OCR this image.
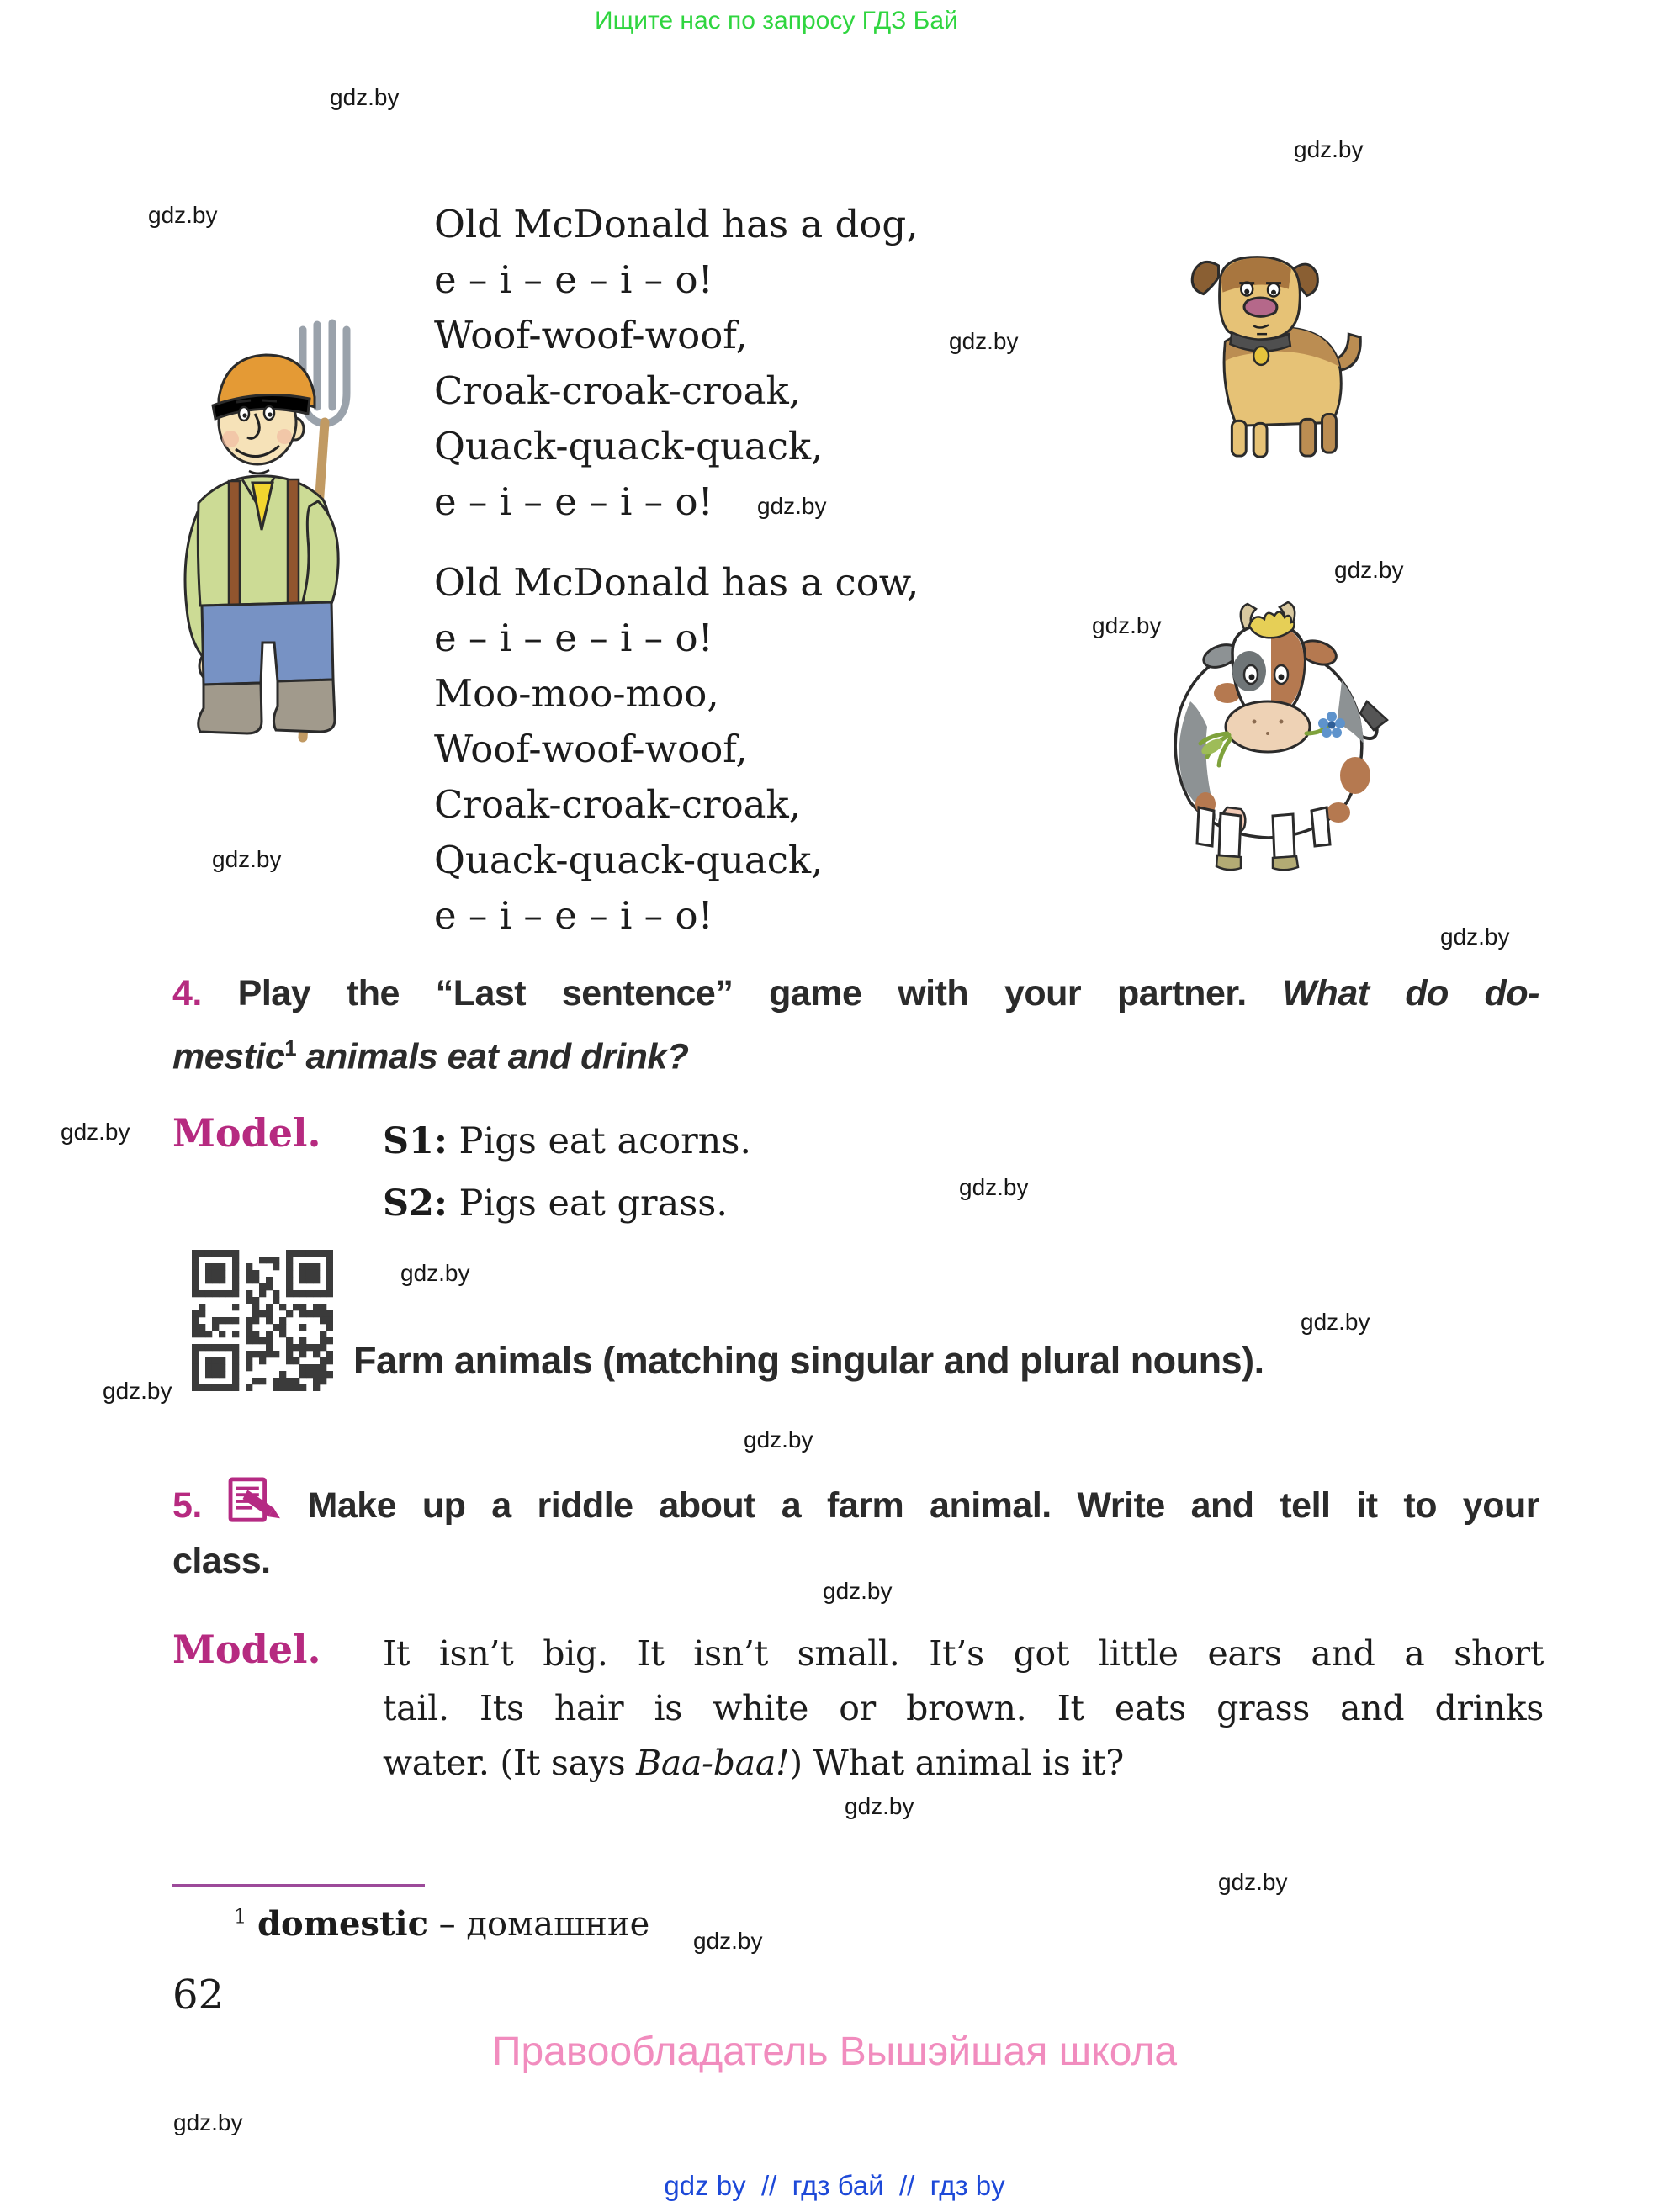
Ищите нас по запросу ГДЗ Бай
gdz.by
gdz.by
gdz.by
gdz.by
gdz.by
gdz.by
gdz.by
gdz.by
gdz.by
gdz.by
gdz.by
gdz.by
gdz.by
gdz.by
gdz.by
gdz.by
gdz.by
gdz.by
gdz.by
gdz.by
Old McDonald has a dog,
e – i – e – i – o!
Woof-woof-woof,
Croak-croak-croak,
Quack-quack-quack,
e – i – e – i – o!
Old McDonald has a cow,
e – i – e – i – o!
Moo-moo-moo,
Woof-woof-woof,
Croak-croak-croak,
Quack-quack-quack,
e – i – e – i – o!
4. Play the “Last sentence” game with your partner. What do do-
mestic$^1$ animals eat and drink?
Model. S1: Pigs eat acorns.
S2: Pigs eat grass.
Farm animals (matching singular and plural nouns).
5.	Make up a riddle about a farm animal. Write and tell it to your
class.
Model. It isn’t big. It isn’t small. It’s got little ears and a short
tail. Its hair is white or brown. It eats grass and drinks
water. (It says Baa-baa!) What animal is it?
$^1$ domestic – домашние
62
Правообладатель Вышэйшая школа
gdz by  //  гдз бай  //  гдз by
